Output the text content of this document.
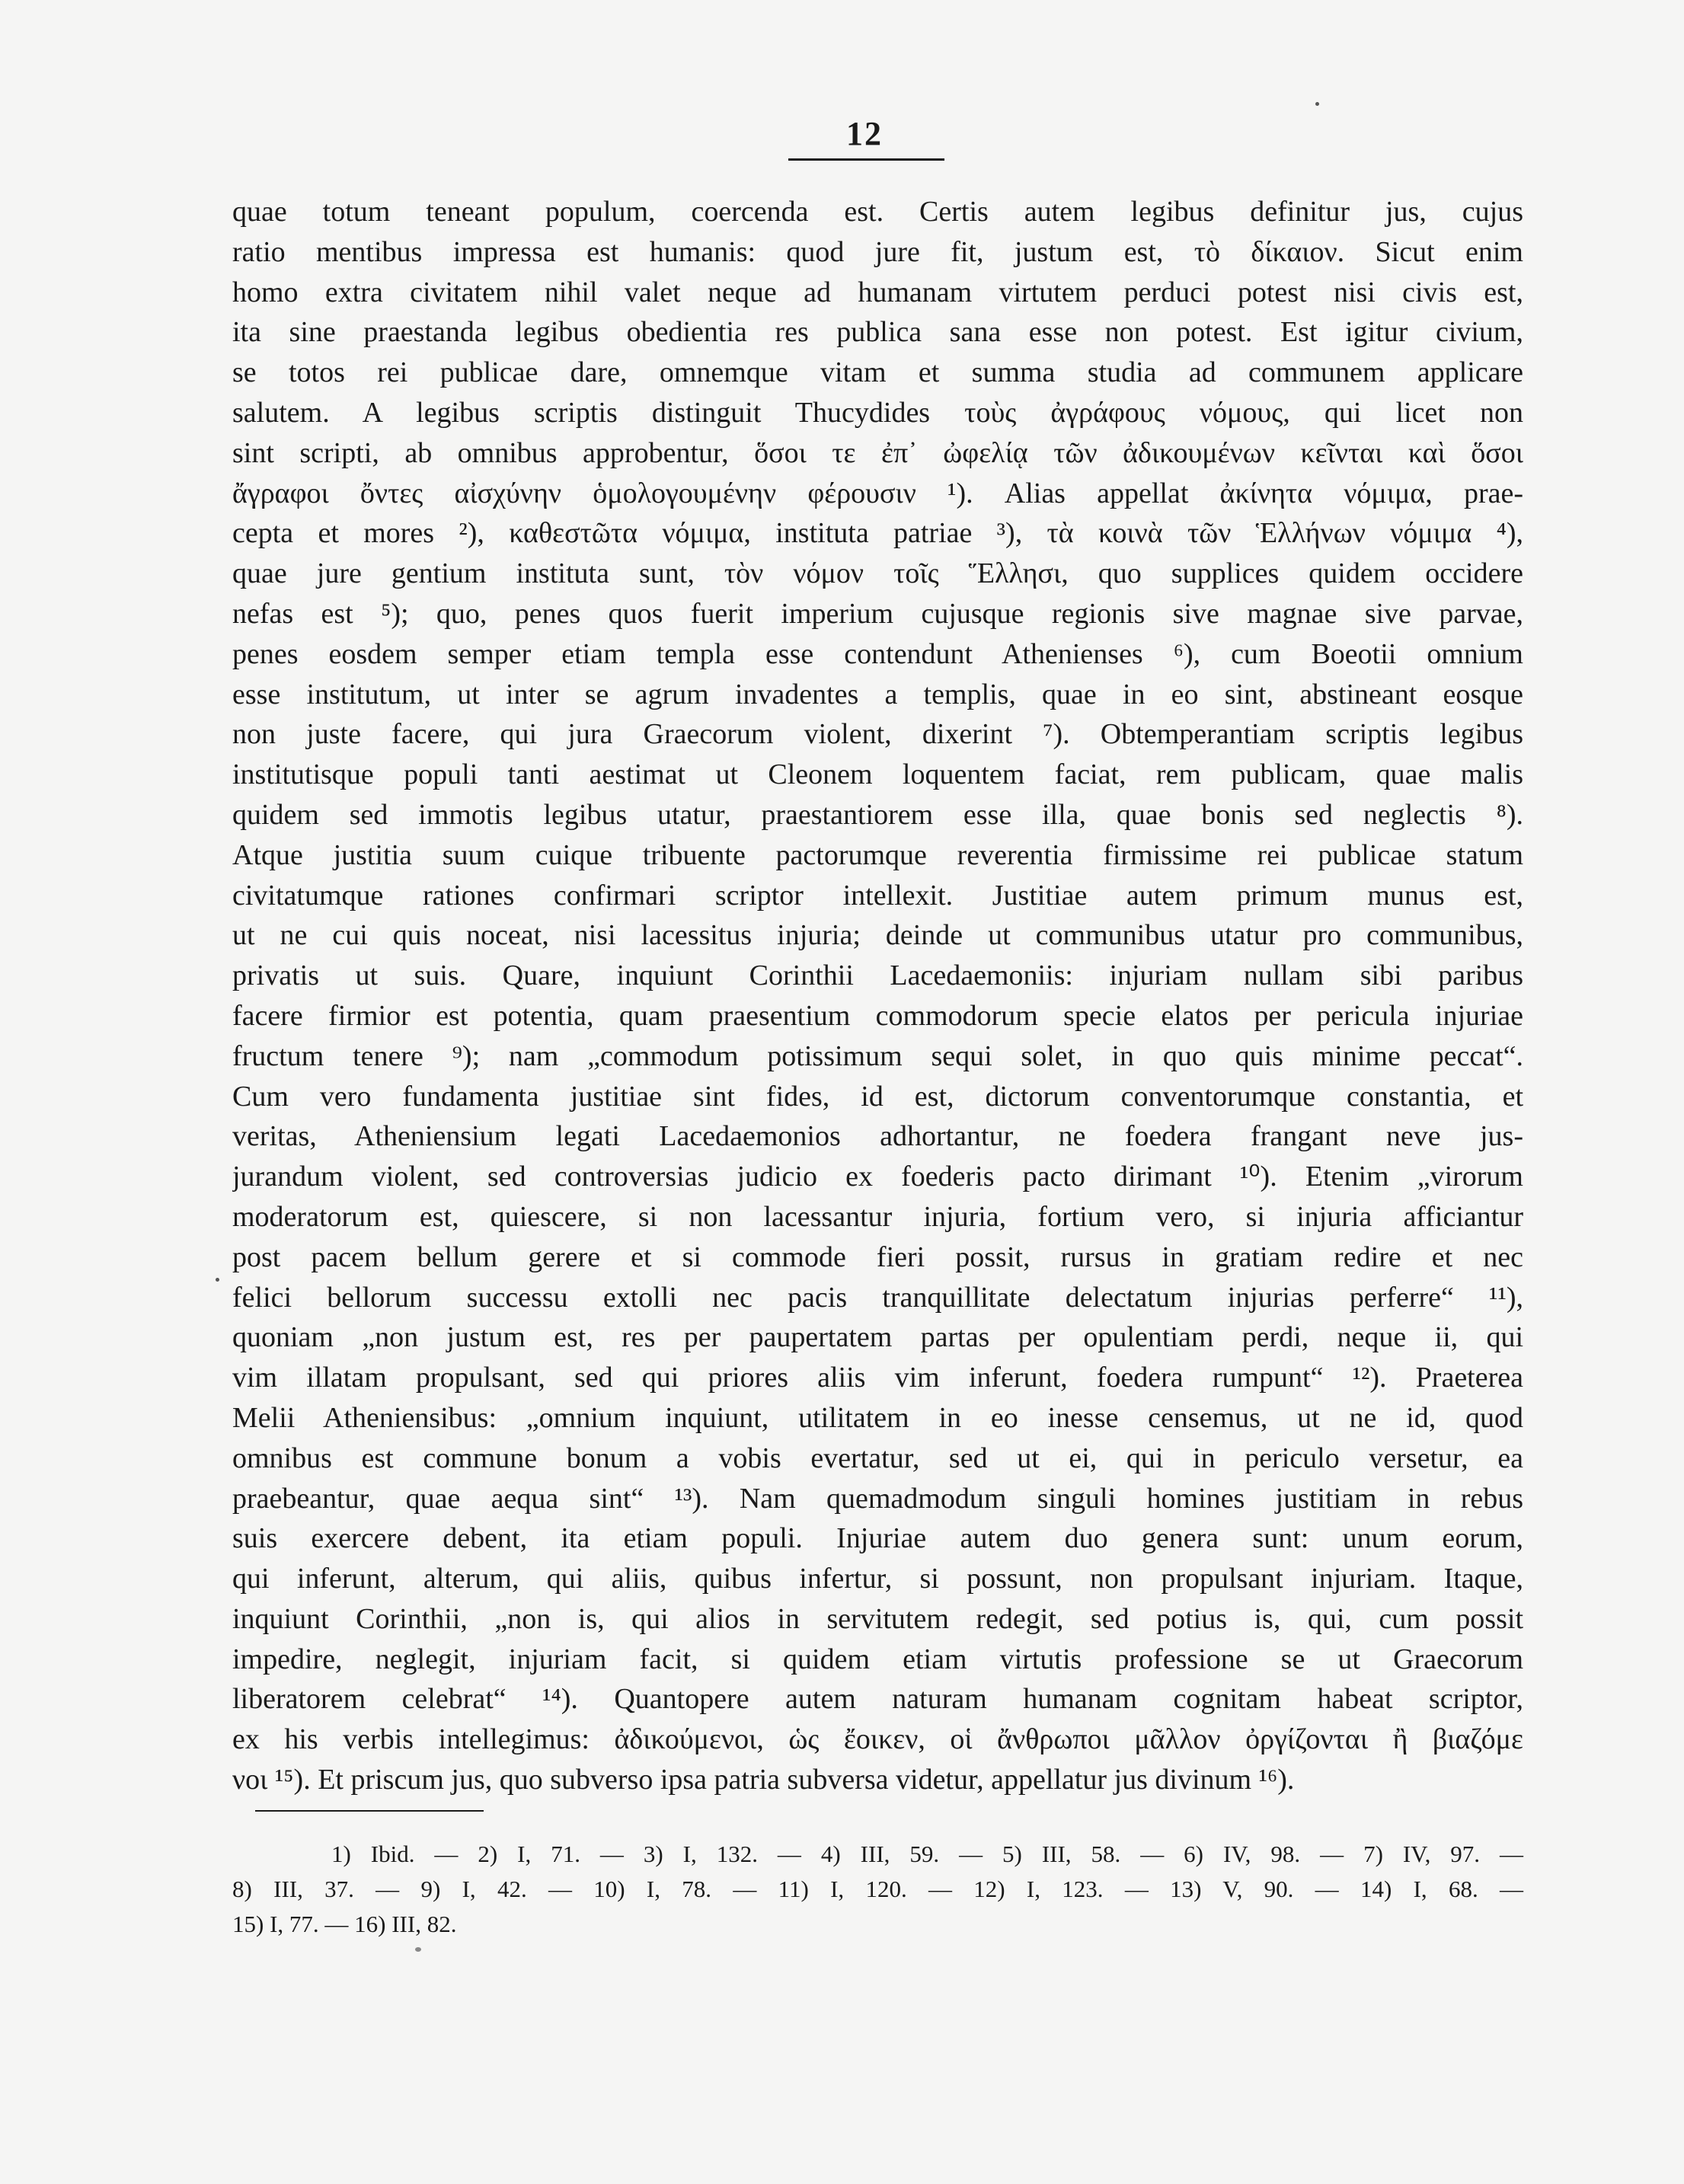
12
quae totum teneant populum, coercenda est. Certis autem legibus definitur jus, cujus
ratio mentibus impressa est humanis: quod jure fit, justum est, τὸ δίκαιον. Sicut enim
homo extra civitatem nihil valet neque ad humanam virtutem perduci potest nisi civis est,
ita sine praestanda legibus obedientia res publica sana esse non potest. Est igitur civium,
se totos rei publicae dare, omnemque vitam et summa studia ad communem applicare
salutem. A legibus scriptis distinguit Thucydides τοὺς ἀγράφους νόμους, qui licet non
sint scripti, ab omnibus approbentur, ὅσοι τε ἐπ᾽ ὠφελίᾳ τῶν ἀδικουμένων κεῖνται καὶ ὅσοι
ἄγραφοι ὄντες αἰσχύνην ὁμολογουμένην φέρουσιν ¹). Alias appellat ἀκίνητα νόμιμα, prae-
cepta et mores ²), καθεστῶτα νόμιμα, instituta patriae ³), τὰ κοινὰ τῶν Ἑλλήνων νόμιμα ⁴),
quae jure gentium instituta sunt, τὸν νόμον τοῖς Ἕλλησι, quo supplices quidem occidere
nefas est ⁵); quo, penes quos fuerit imperium cujusque regionis sive magnae sive parvae,
penes eosdem semper etiam templa esse contendunt Athenienses ⁶), cum Boeotii omnium
esse institutum, ut inter se agrum invadentes a templis, quae in eo sint, abstineant eosque
non juste facere, qui jura Graecorum violent, dixerint ⁷). Obtemperantiam scriptis legibus
institutisque populi tanti aestimat ut Cleonem loquentem faciat, rem publicam, quae malis
quidem sed immotis legibus utatur, praestantiorem esse illa, quae bonis sed neglectis ⁸).
Atque justitia suum cuique tribuente pactorumque reverentia firmissime rei publicae statum
civitatumque rationes confirmari scriptor intellexit. Justitiae autem primum munus est,
ut ne cui quis noceat, nisi lacessitus injuria; deinde ut communibus utatur pro communibus,
privatis ut suis. Quare, inquiunt Corinthii Lacedaemoniis: injuriam nullam sibi paribus
facere firmior est potentia, quam praesentium commodorum specie elatos per pericula injuriae
fructum tenere ⁹); nam „commodum potissimum sequi solet, in quo quis minime peccat“.
Cum vero fundamenta justitiae sint fides, id est, dictorum conventorumque constantia, et
veritas, Atheniensium legati Lacedaemonios adhortantur, ne foedera frangant neve jus-
jurandum violent, sed controversias judicio ex foederis pacto dirimant ¹⁰). Etenim „virorum
moderatorum est, quiescere, si non lacessantur injuria, fortium vero, si injuria afficiantur
post pacem bellum gerere et si commode fieri possit, rursus in gratiam redire et nec
felici bellorum successu extolli nec pacis tranquillitate delectatum injurias perferre“ ¹¹),
quoniam „non justum est, res per paupertatem partas per opulentiam perdi, neque ii, qui
vim illatam propulsant, sed qui priores aliis vim inferunt, foedera rumpunt“ ¹²). Praeterea
Melii Atheniensibus: „omnium inquiunt, utilitatem in eo inesse censemus, ut ne id, quod
omnibus est commune bonum a vobis evertatur, sed ut ei, qui in periculo versetur, ea
praebeantur, quae aequa sint“ ¹³). Nam quemadmodum singuli homines justitiam in rebus
suis exercere debent, ita etiam populi. Injuriae autem duo genera sunt: unum eorum,
qui inferunt, alterum, qui aliis, quibus infertur, si possunt, non propulsant injuriam. Itaque,
inquiunt Corinthii, „non is, qui alios in servitutem redegit, sed potius is, qui, cum possit
impedire, neglegit, injuriam facit, si quidem etiam virtutis professione se ut Graecorum
liberatorem celebrat“ ¹⁴). Quantopere autem naturam humanam cognitam habeat scriptor,
ex his verbis intellegimus: ἀδικούμενοι, ὡς ἔοικεν, οἱ ἄνθρωποι μᾶλλον ὀργίζονται ἢ βιαζόμε
νοι ¹⁵). Et priscum jus, quo subverso ipsa patria subversa videtur, appellatur jus divinum ¹⁶).
1) Ibid. — 2) I, 71. — 3) I, 132. — 4) III, 59. — 5) III, 58. — 6) IV, 98. — 7) IV, 97. —
8) III, 37. — 9) I, 42. — 10) I, 78. — 11) I, 120. — 12) I, 123. — 13) V, 90. — 14) I, 68. —
15) I, 77. — 16) III, 82.
